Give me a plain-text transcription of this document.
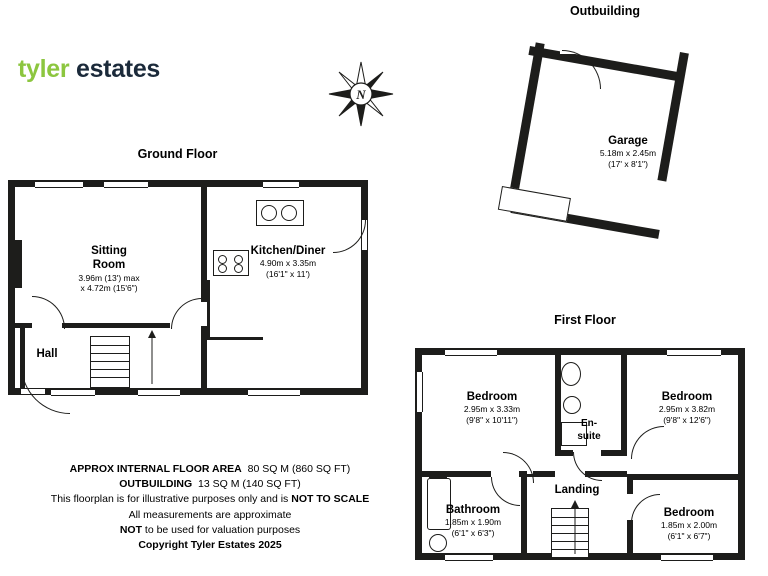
tyler estates
N
Ground Floor
Outbuilding
First Floor
Sitting
Room
3.96m (13') max
x 4.72m (15'6")
Kitchen/Diner
4.90m x 3.35m
(16'1" x 11')
Hall
Garage
5.18m x 2.45m
(17' x 8'1")
Bedroom
2.95m x 3.33m
(9'8" x 10'11")
Bedroom
2.95m x 3.82m
(9'8" x 12'6")
Bedroom
1.85m x 2.00m
(6'1" x 6'7")
Bathroom
1.85m x 1.90m
(6'1" x 6'3")
En-
suite
Landing
APPROX INTERNAL FLOOR AREA 80 SQ M (860 SQ FT)
OUTBUILDING 13 SQ M (140 SQ FT)
This floorplan is for illustrative purposes only and is NOT TO SCALE
All measurements are approximate
NOT to be used for valuation purposes
Copyright Tyler Estates 2025
